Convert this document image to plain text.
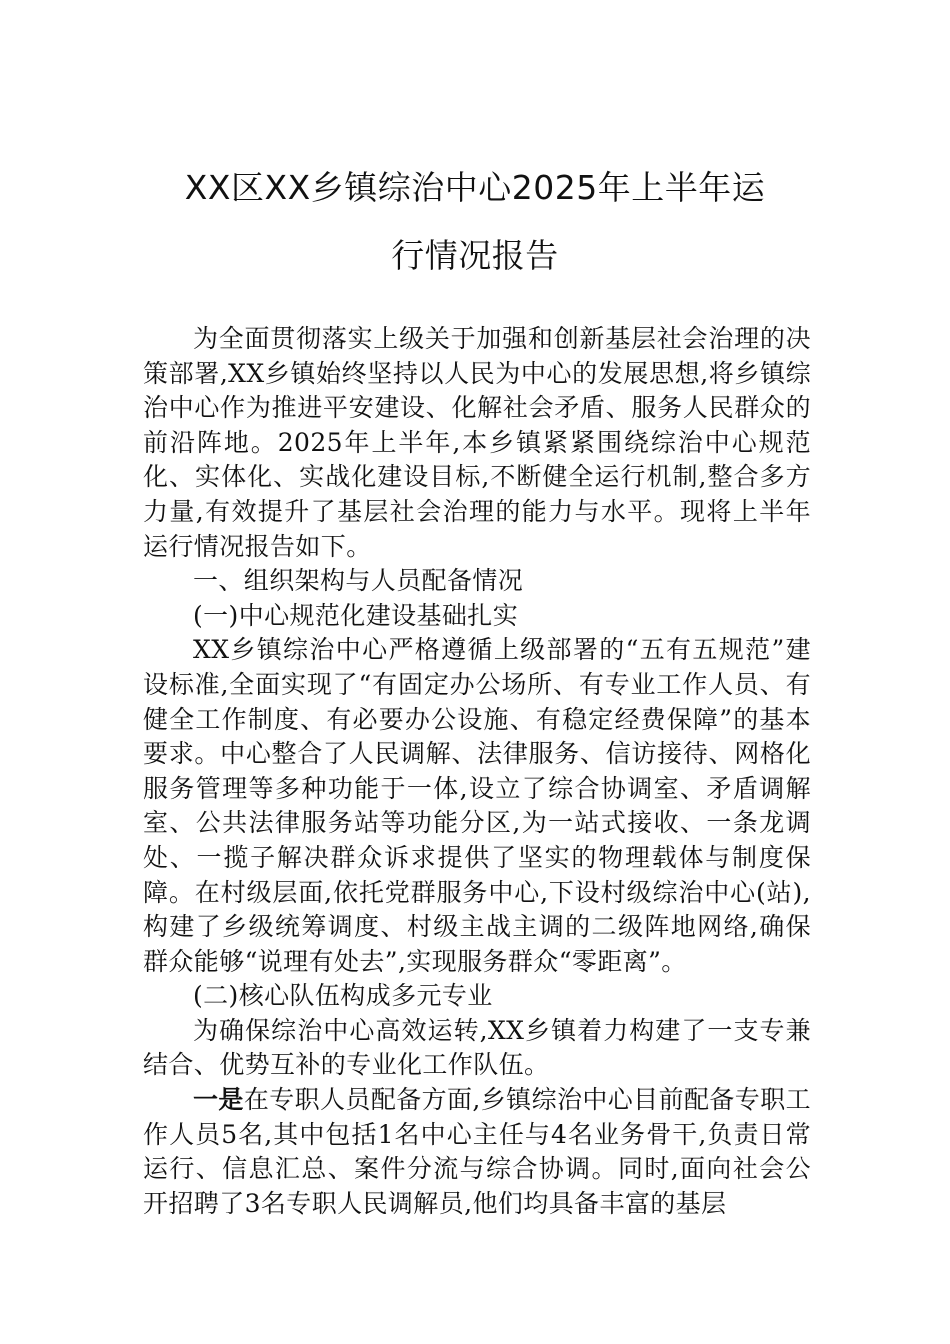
XX区XX乡镇综治中心2025年上半年运
行情况报告

为全面贯彻落实上级关于加强和创新基层社会治理的决策部署,XX乡镇始终坚持以人民为中心的发展思想,将乡镇综治中心作为推进平安建设、化解社会矛盾、服务人民群众的前沿阵地。2025年上半年,本乡镇紧紧围绕综治中心规范化、实体化、实战化建设目标,不断健全运行机制,整合多方力量,有效提升了基层社会治理的能力与水平。现将上半年运行情况报告如下。

一、组织架构与人员配备情况

(一)中心规范化建设基础扎实

XX乡镇综治中心严格遵循上级部署的“五有五规范”建设标准,全面实现了“有固定办公场所、有专业工作人员、有健全工作制度、有必要办公设施、有稳定经费保障”的基本要求。中心整合了人民调解、法律服务、信访接待、网格化服务管理等多种功能于一体,设立了综合协调室、矛盾调解室、公共法律服务站等功能分区,为一站式接收、一条龙调处、一揽子解决群众诉求提供了坚实的物理载体与制度保障。在村级层面,依托党群服务中心,下设村级综治中心(站),构建了乡级统筹调度、村级主战主调的二级阵地网络,确保群众能够“说理有处去”,实现服务群众“零距离”。

(二)核心队伍构成多元专业

为确保综治中心高效运转,XX乡镇着力构建了一支专兼结合、优势互补的专业化工作队伍。

一是在专职人员配备方面,乡镇综治中心目前配备专职工作人员5名,其中包括1名中心主任与4名业务骨干,负责日常运行、信息汇总、案件分流与综合协调。同时,面向社会公开招聘了3名专职人民调解员,他们均具备丰富的基层
